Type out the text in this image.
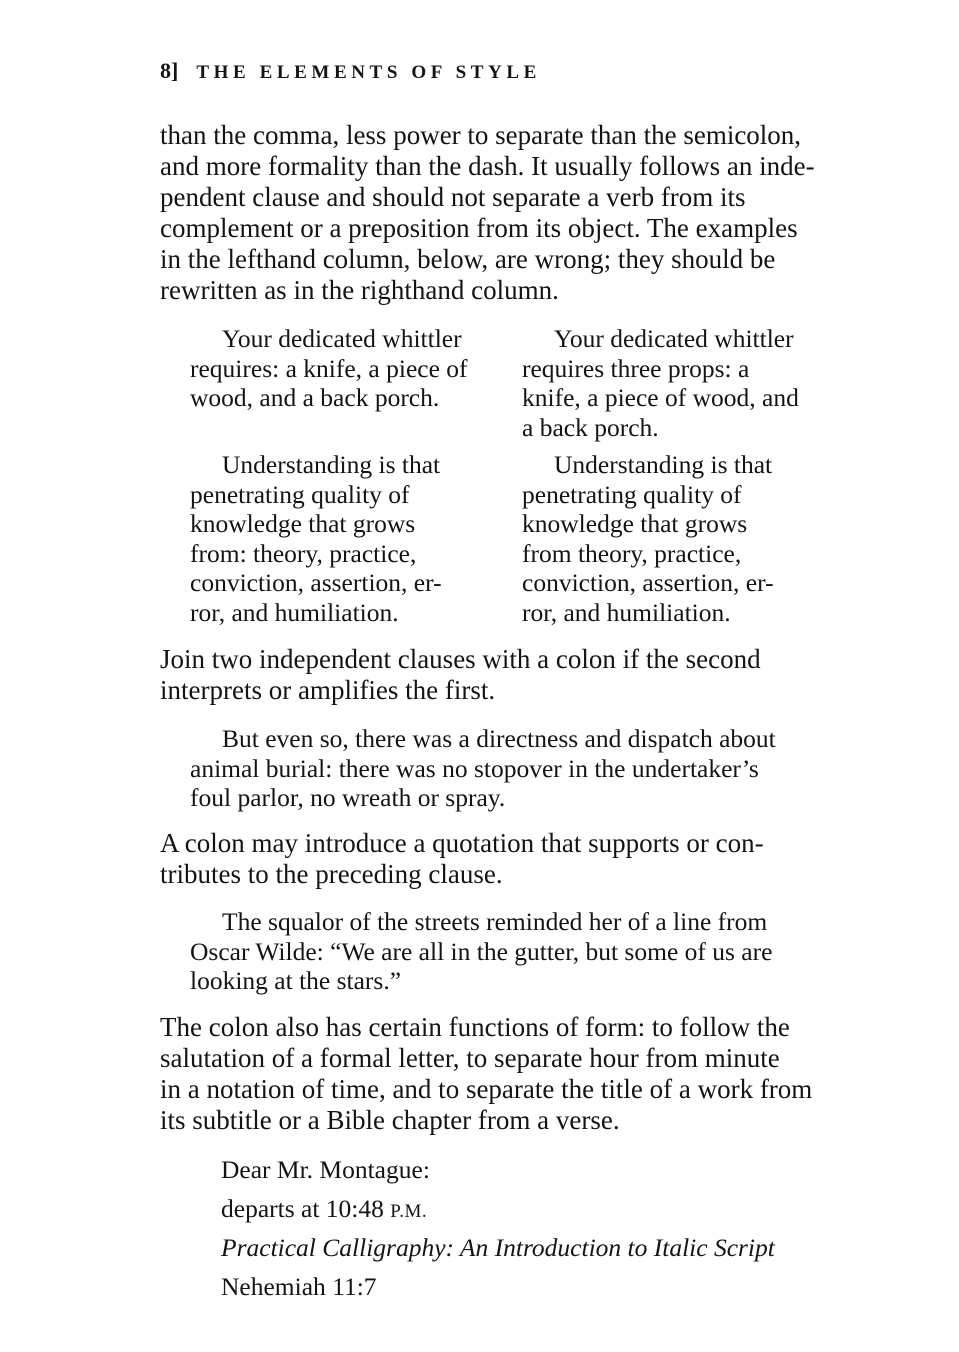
8] THE ELEMENTS OF STYLE
than the comma, less power to separate than the semicolon,
and more formality than the dash. It usually follows an inde-
pendent clause and should not separate a verb from its
complement or a preposition from its object. The examples
in the lefthand column, below, are wrong; they should be
rewritten as in the righthand column.
Your dedicated whittler
requires: a knife, a piece of
wood, and a back porch.
Understanding is that
penetrating quality of
knowledge that grows
from: theory, practice,
conviction, assertion, er-
ror, and humiliation.
Your dedicated whittler
requires three props: a
knife, a piece of wood, and
a back porch.
Understanding is that
penetrating quality of
knowledge that grows
from theory, practice,
conviction, assertion, er-
ror, and humiliation.
Join two independent clauses with a colon if the second
interprets or amplifies the first.
But even so, there was a directness and dispatch about
animal burial: there was no stopover in the undertaker’s
foul parlor, no wreath or spray.
A colon may introduce a quotation that supports or con-
tributes to the preceding clause.
The squalor of the streets reminded her of a line from
Oscar Wilde: “We are all in the gutter, but some of us are
looking at the stars.”
The colon also has certain functions of form: to follow the
salutation of a formal letter, to separate hour from minute
in a notation of time, and to separate the title of a work from
its subtitle or a Bible chapter from a verse.
Dear Mr. Montague:
departs at 10:48 P.M.
Practical Calligraphy: An Introduction to Italic Script
Nehemiah 11:7
